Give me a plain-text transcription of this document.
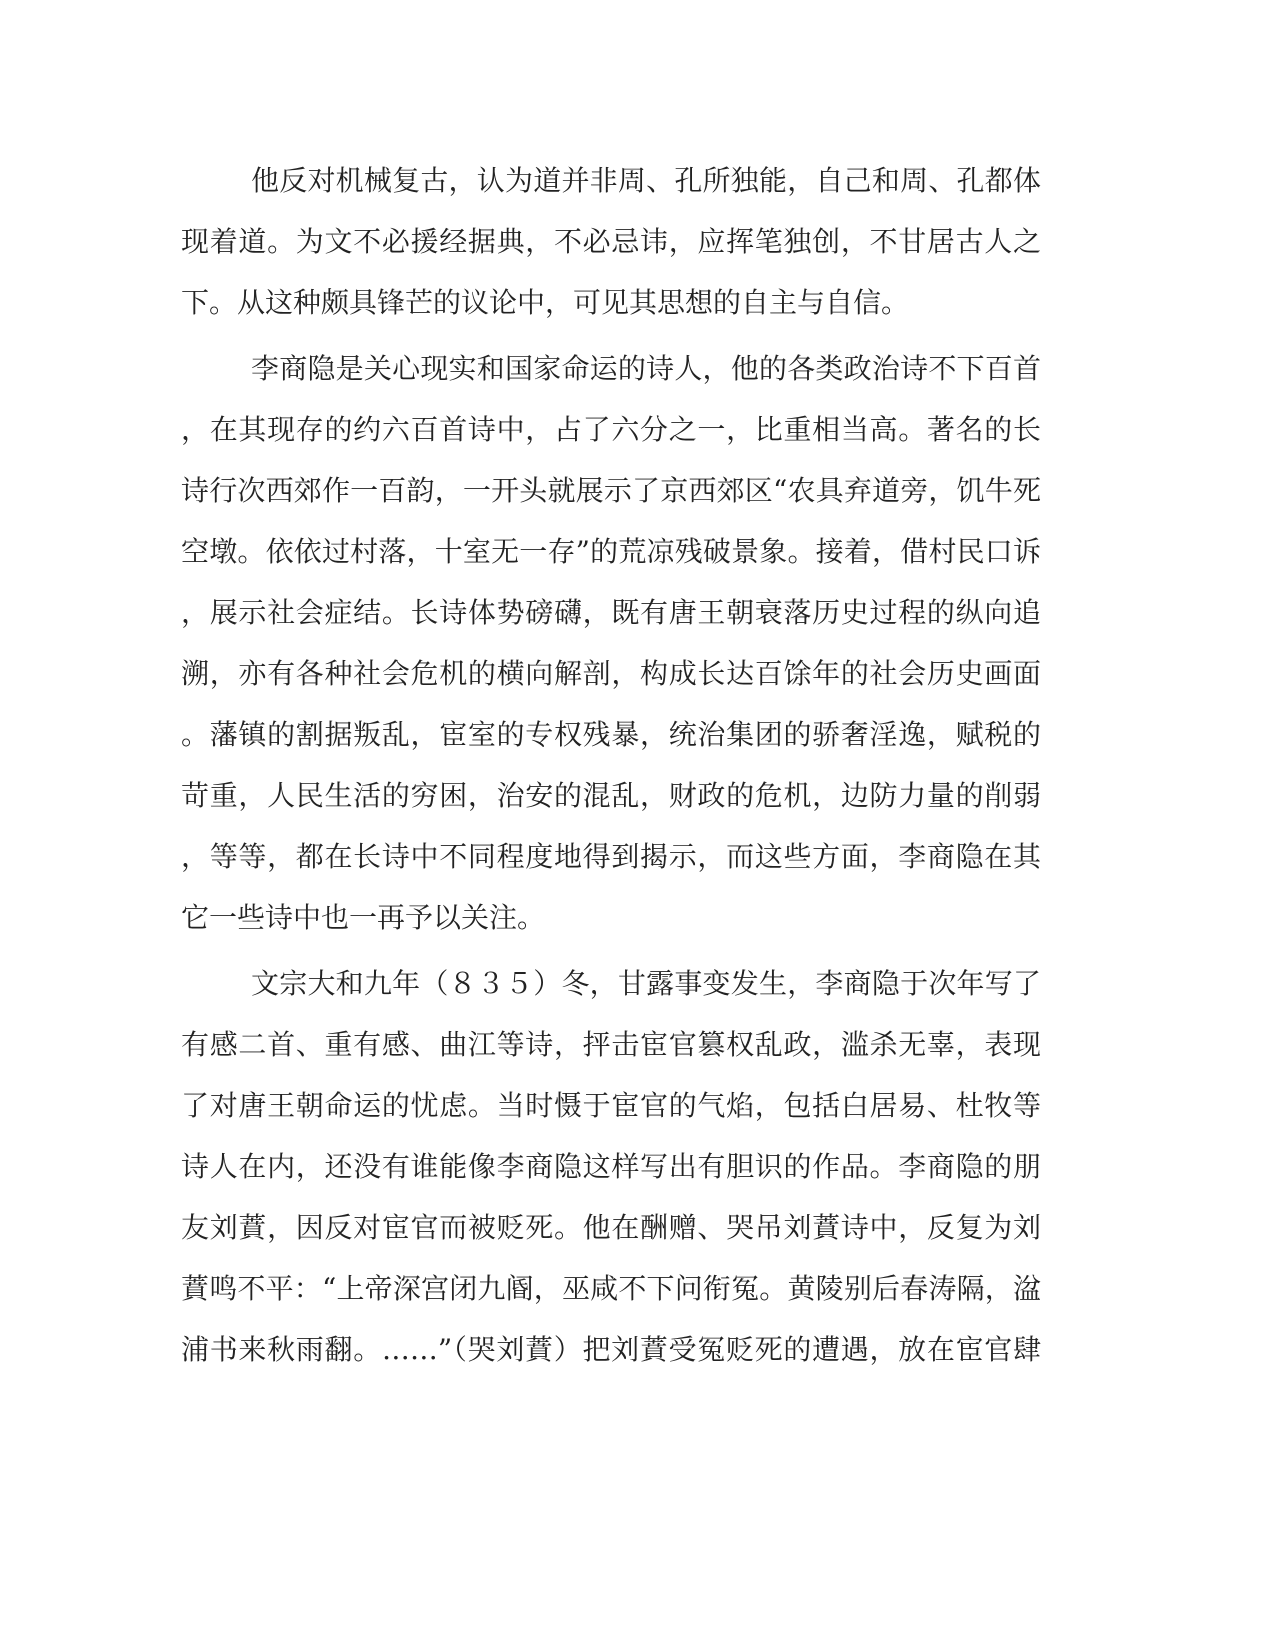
他反对机械复古，认为道并非周、孔所独能，自己和周、孔都体

现着道。为文不必援经据典，不必忌讳，应挥笔独创，不甘居古人之

下。从这种颇具锋芒的议论中，可见其思想的自主与自信。

李商隐是关心现实和国家命运的诗人，他的各类政治诗不下百首

，在其现存的约六百首诗中，占了六分之一，比重相当高。著名的长

诗行次西郊作一百韵，一开头就展示了京西郊区“农具弃道旁，饥牛死

空墩。依依过村落，十室无一存”的荒凉残破景象。接着，借村民口诉

，展示社会症结。长诗体势磅礴，既有唐王朝衰落历史过程的纵向追

溯，亦有各种社会危机的横向解剖，构成长达百馀年的社会历史画面

。藩镇的割据叛乱，宦室的专权残暴，统治集团的骄奢淫逸，赋税的

苛重，人民生活的穷困，治安的混乱，财政的危机，边防力量的削弱

，等等，都在长诗中不同程度地得到揭示，而这些方面，李商隐在其

它一些诗中也一再予以关注。

文宗大和九年（８３５）冬，甘露事变发生，李商隐于次年写了

有感二首、重有感、曲江等诗，抨击宦官篡权乱政，滥杀无辜，表现

了对唐王朝命运的忧虑。当时慑于宦官的气焰，包括白居易、杜牧等

诗人在内，还没有谁能像李商隐这样写出有胆识的作品。李商隐的朋

友刘蕡，因反对宦官而被贬死。他在酬赠、哭吊刘蕡诗中，反复为刘

蕡鸣不平：“上帝深宫闭九阍，巫咸不下问衔冤。黄陵别后春涛隔，湓

浦书来秋雨翻。……”（哭刘蕡）把刘蕡受冤贬死的遭遇，放在宦官肆
